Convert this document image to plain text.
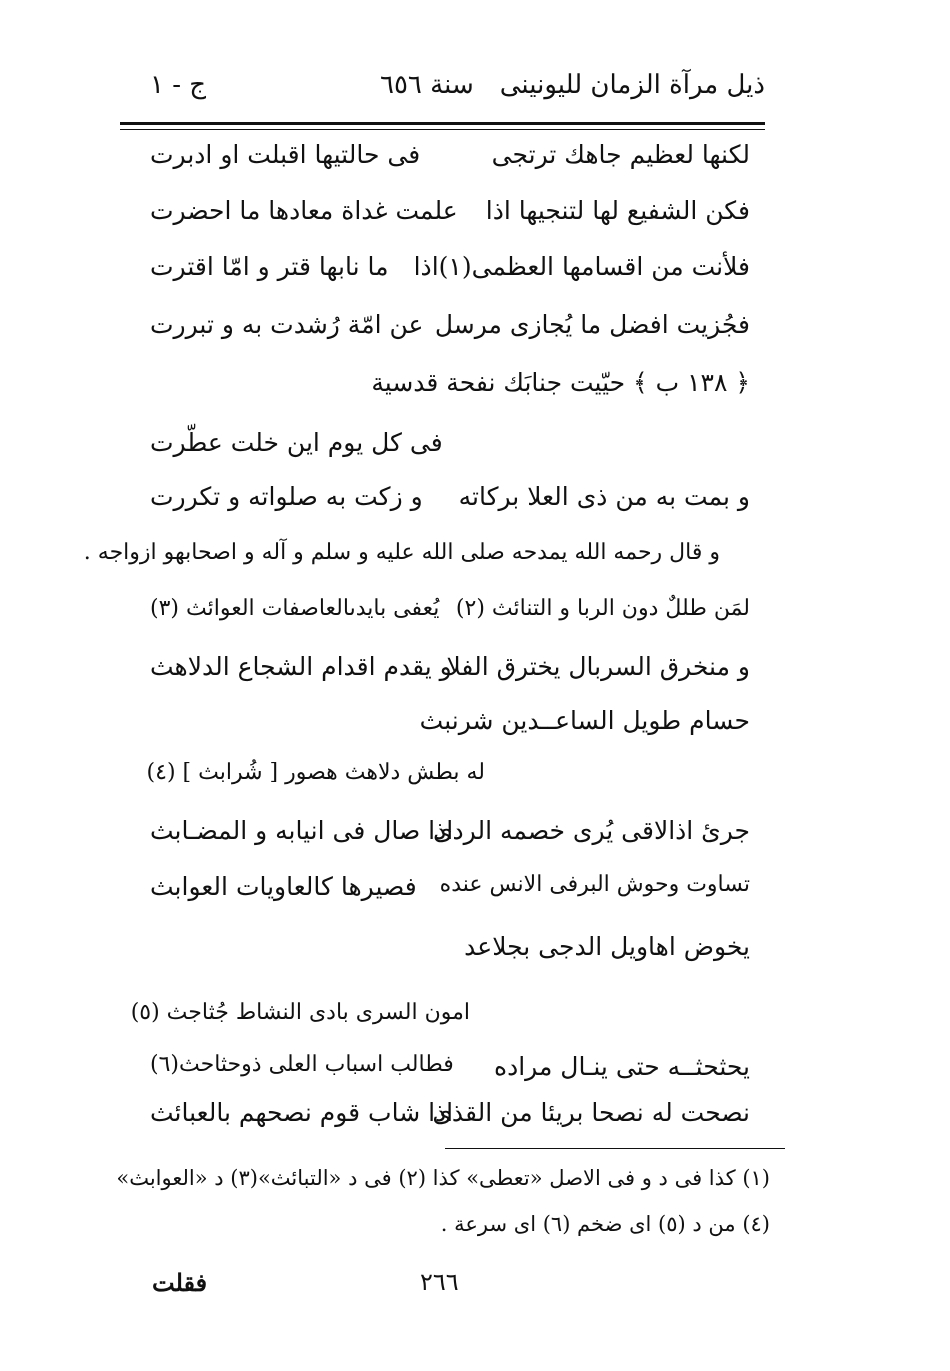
ذيل مرآة الزمان لليونينى
سنة ٦٥٦
ج - ١
لكنها لعظيم جاهك ترتجى
فى حالتيها اقبلت او ادبرت
فكن الشفيع لها لتنجيها اذا
علمت غداة معادها ما احضرت
فلأنت من اقسامها العظمى(١)اذا
ما نابها قتر و امّا اقترت
فجُزيت افضل ما يُجازى مرسل
عن امّة رُشدت به و تبررت
﴿ ١٣٨ ب ﴾ حيّيت جنابَك نفحة قدسية
فى كل يوم اين خلت عطّرت
و بمت به من ذى العلا بركاته
و زكت به صلواته و تكررت
و قال رحمه الله يمدحه صلى الله عليه و سلم و آله و اصحابهو ازواجه .
لمَن طللٌ دون الربا و التنائث (٢)
يُعفى بايدىالعاصفات العوائث (٣)
و منخرق السربال يخترق الفلا
و يقدم اقدام الشجاع الدلاهث
حسام طويل الساعــدين شرنبث
له بطش دلاهث هصور [ شُرابث ] (٤)
جرئ اذالاقى يُرى خصمه الردى
اذا صال فى انيابه و المضـابث
تساوت وحوش البرفى الانس عنده
فصيرها كالعاويات العوابث
يخوض اهاويل الدجى بجلاعد
امون السرى بادى النشاط جُثاجث (٥)
يحثحثــه حتى ينـال مراده
فطالب اسباب العلى ذوحثاحث(٦)
نصحت له نصحا بريئا من القذى
اذا شاب قوم نصحهم بالعبائث
(١) كذا فى د و فى الاصل «تعطى» كذا (٢) فى د «التبائث»(٣) د «العوابث»
(٤) من د (٥) اى ضخم (٦) اى سرعة .
٢٦٦
فقلت
